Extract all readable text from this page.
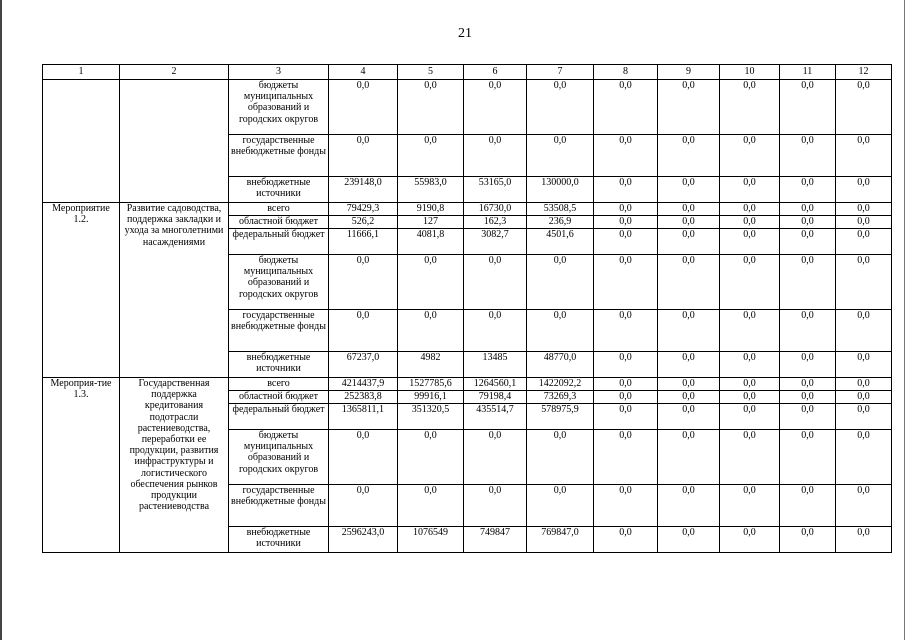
21
1	2	3	4	5	6	7	8	9	10	11	12
		бюджеты муниципальных образований и городских округов	0,0	0,0	0,0	0,0	0,0	0,0	0,0	0,0	0,0
		государственные внебюджетные фонды	0,0	0,0	0,0	0,0	0,0	0,0	0,0	0,0	0,0
		внебюджетные источники	239148,0	55983,0	53165,0	130000,0	0,0	0,0	0,0	0,0	0,0
Мероприятие 1.2.	Развитие садоводства, поддержка закладки и ухода за многолетними насаждениями	всего	79429,3	9190,8	16730,0	53508,5	0,0	0,0	0,0	0,0	0,0
		областной бюджет	526,2	127	162,3	236,9	0,0	0,0	0,0	0,0	0,0
		федеральный бюджет	11666,1	4081,8	3082,7	4501,6	0,0	0,0	0,0	0,0	0,0
		бюджеты муниципальных образований и городских округов	0,0	0,0	0,0	0,0	0,0	0,0	0,0	0,0	0,0
		государственные внебюджетные фонды	0,0	0,0	0,0	0,0	0,0	0,0	0,0	0,0	0,0
		внебюджетные источники	67237,0	4982	13485	48770,0	0,0	0,0	0,0	0,0	0,0
Мероприя-тие 1.3.	Государственная поддержка кредитования подотрасли растениеводства, переработки ее продукции, развития инфраструктуры и логистического обеспечения рынков продукции растениеводства	всего	4214437,9	1527785,6	1264560,1	1422092,2	0,0	0,0	0,0	0,0	0,0
		областной бюджет	252383,8	99916,1	79198,4	73269,3	0,0	0,0	0,0	0,0	0,0
		федеральный бюджет	1365811,1	351320,5	435514,7	578975,9	0,0	0,0	0,0	0,0	0,0
		бюджеты муниципальных образований и городских округов	0,0	0,0	0,0	0,0	0,0	0,0	0,0	0,0	0,0
		государственные внебюджетные фонды	0,0	0,0	0,0	0,0	0,0	0,0	0,0	0,0	0,0
		внебюджетные источники	2596243,0	1076549	749847	769847,0	0,0	0,0	0,0	0,0	0,0
